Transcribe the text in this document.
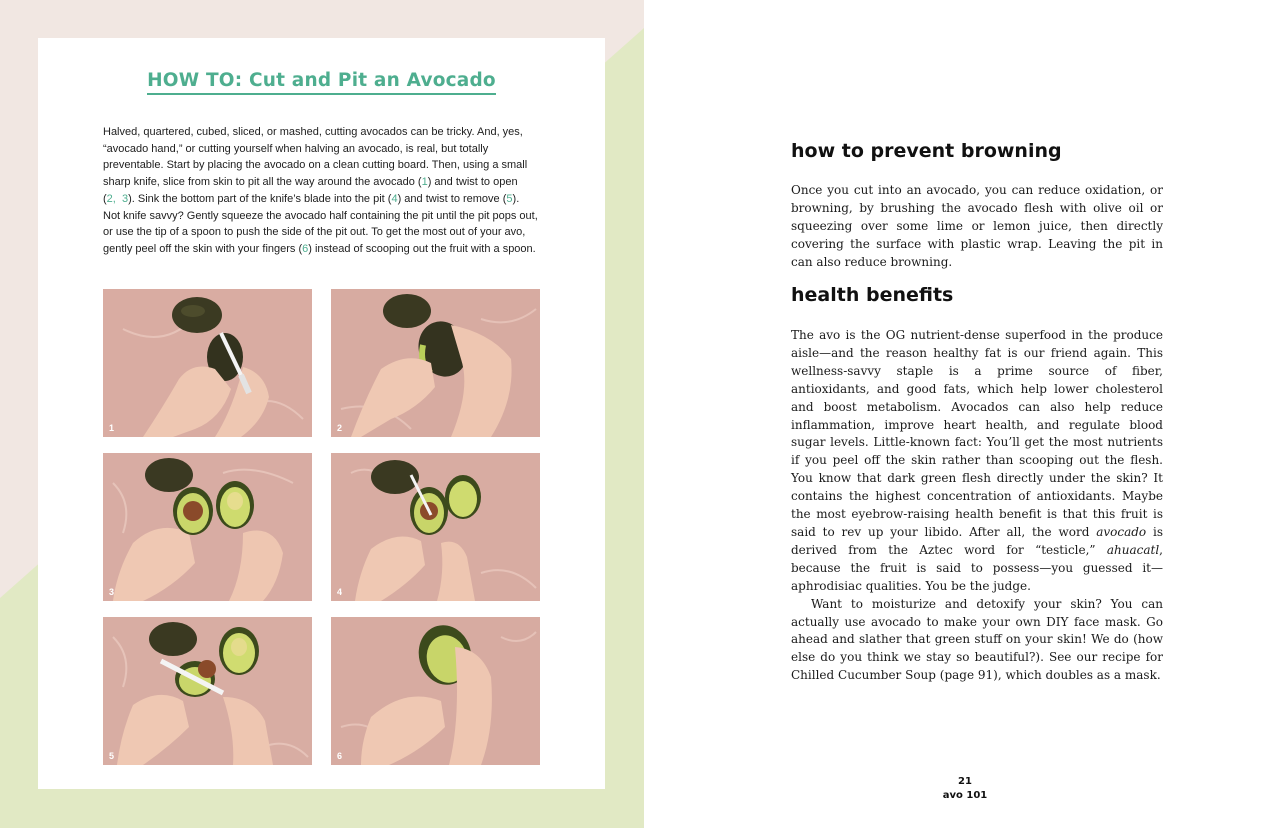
HOW TO: Cut and Pit an Avocado

Halved, quartered, cubed, sliced, or mashed, cutting avocados can be tricky. And, yes, “avocado hand,” or cutting yourself when halving an avocado, is real, but totally preventable. Start by placing the avocado on a clean cutting board. Then, using a small sharp knife, slice from skin to pit all the way around the avocado (1) and twist to open (2, 3). Sink the bottom part of the knife’s blade into the pit (4) and twist to remove (5). Not knife savvy? Gently squeeze the avocado half containing the pit until the pit pops out, or use the tip of a spoon to push the side of the pit out. To get the most out of your avo, gently peel off the skin with your fingers (6) instead of scooping out the fruit with a spoon.

1	2
3	4
5	6
how to prevent browning

Once you cut into an avocado, you can reduce oxidation, or browning, by brushing the avocado flesh with olive oil or squeezing over some lime or lemon juice, then directly covering the surface with plastic wrap. Leaving the pit in can also reduce browning.

health benefits

The avo is the OG nutrient-dense superfood in the produce aisle—and the reason healthy fat is our friend again. This wellness-savvy staple is a prime source of fiber, antioxidants, and good fats, which help lower cholesterol and boost metabolism. Avocados can also help reduce inflammation, improve heart health, and regulate blood sugar levels. Little-known fact: You’ll get the most nutrients if you peel off the skin rather than scooping out the flesh. You know that dark green flesh directly under the skin? It contains the highest concentration of antioxidants. Maybe the most eyebrow-raising health benefit is that this fruit is said to rev up your libido. After all, the word avocado is derived from the Aztec word for “testicle,” ahuacatl, because the fruit is said to possess—you guessed it—aphrodisiac qualities. You be the judge.

Want to moisturize and detoxify your skin? You can actually use avocado to make your own DIY face mask. Go ahead and slather that green stuff on your skin! We do (how else do you think we stay so beautiful?). See our recipe for Chilled Cucumber Soup (page 91), which doubles as a mask.

21
avo 101
